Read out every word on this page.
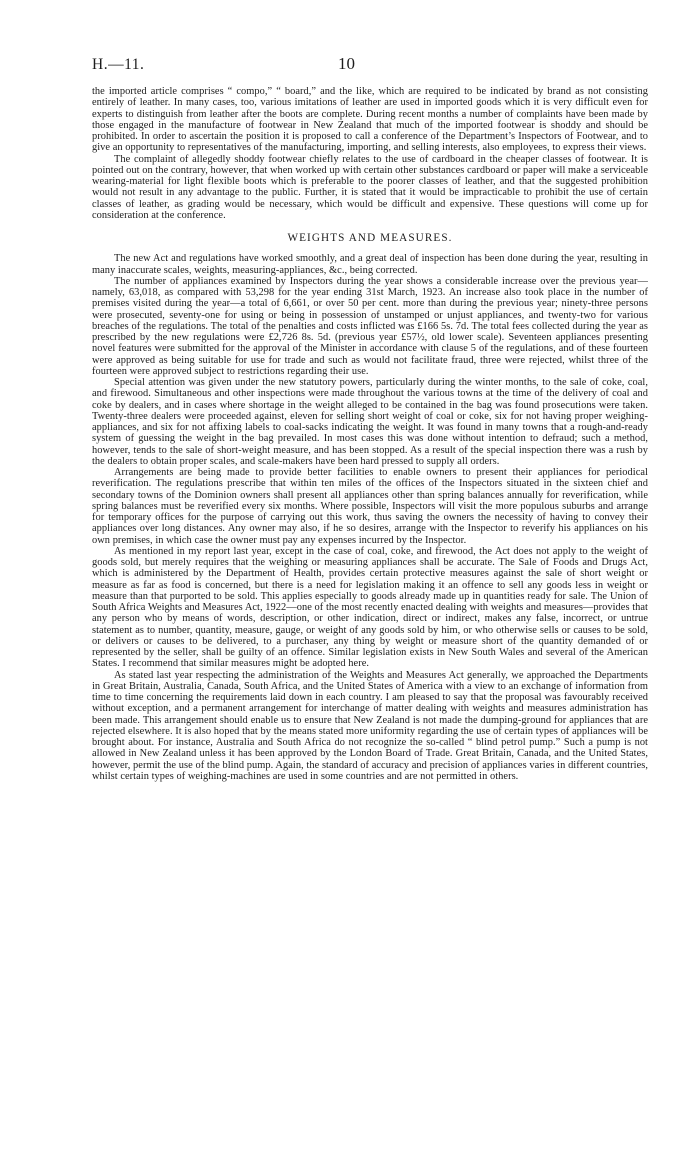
H.—11.	10

the imported article comprises “ compo,” “ board,” and the like, which are required to be indicated by brand as not consisting entirely of leather. In many cases, too, various imitations of leather are used in imported goods which it is very difficult even for experts to distinguish from leather after the boots are complete. During recent months a number of complaints have been made by those engaged in the manufacture of footwear in New Zealand that much of the imported footwear is shoddy and should be prohibited. In order to ascertain the position it is proposed to call a conference of the Department’s Inspectors of Footwear, and to give an opportunity to representatives of the manufacturing, importing, and selling interests, also employees, to express their views.

The complaint of allegedly shoddy footwear chiefly relates to the use of cardboard in the cheaper classes of footwear. It is pointed out on the contrary, however, that when worked up with certain other substances cardboard or paper will make a serviceable wearing-material for light flexible boots which is preferable to the poorer classes of leather, and that the suggested prohibition would not result in any advantage to the public. Further, it is stated that it would be impracticable to prohibit the use of certain classes of leather, as grading would be necessary, which would be difficult and expensive. These questions will come up for consideration at the conference.

WEIGHTS AND MEASURES.

The new Act and regulations have worked smoothly, and a great deal of inspection has been done during the year, resulting in many inaccurate scales, weights, measuring-appliances, &c., being corrected.

The number of appliances examined by Inspectors during the year shows a considerable increase over the previous year—namely, 63,018, as compared with 53,298 for the year ending 31st March, 1923. An increase also took place in the number of premises visited during the year—a total of 6,661, or over 50 per cent. more than during the previous year; ninety-three persons were prosecuted, seventy-one for using or being in possession of unstamped or unjust appliances, and twenty-two for various breaches of the regulations. The total of the penalties and costs inflicted was £166 5s. 7d. The total fees collected during the year as prescribed by the new regulations were £2,726 8s. 5d. (previous year £57½, old lower scale). Seventeen appliances presenting novel features were submitted for the approval of the Minister in accordance with clause 5 of the regulations, and of these fourteen were approved as being suitable for use for trade and such as would not facilitate fraud, three were rejected, whilst three of the fourteen were approved subject to restrictions regarding their use.

Special attention was given under the new statutory powers, particularly during the winter months, to the sale of coke, coal, and firewood. Simultaneous and other inspections were made throughout the various towns at the time of the delivery of coal and coke by dealers, and in cases where shortage in the weight alleged to be contained in the bag was found prosecutions were taken. Twenty-three dealers were proceeded against, eleven for selling short weight of coal or coke, six for not having proper weighing-appliances, and six for not affixing labels to coal-sacks indicating the weight. It was found in many towns that a rough-and-ready system of guessing the weight in the bag prevailed. In most cases this was done without intention to defraud; such a method, however, tends to the sale of short-weight measure, and has been stopped. As a result of the special inspection there was a rush by the dealers to obtain proper scales, and scale-makers have been hard pressed to supply all orders.

Arrangements are being made to provide better facilities to enable owners to present their appliances for periodical reverification. The regulations prescribe that within ten miles of the offices of the Inspectors situated in the sixteen chief and secondary towns of the Dominion owners shall present all appliances other than spring balances annually for reverification, while spring balances must be reverified every six months. Where possible, Inspectors will visit the more populous suburbs and arrange for temporary offices for the purpose of carrying out this work, thus saving the owners the necessity of having to convey their appliances over long distances. Any owner may also, if he so desires, arrange with the Inspector to reverify his appliances on his own premises, in which case the owner must pay any expenses incurred by the Inspector.

As mentioned in my report last year, except in the case of coal, coke, and firewood, the Act does not apply to the weight of goods sold, but merely requires that the weighing or measuring appliances shall be accurate. The Sale of Foods and Drugs Act, which is administered by the Department of Health, provides certain protective measures against the sale of short weight or measure as far as food is concerned, but there is a need for legislation making it an offence to sell any goods less in weight or measure than that purported to be sold. This applies especially to goods already made up in quantities ready for sale. The Union of South Africa Weights and Measures Act, 1922—one of the most recently enacted dealing with weights and measures—provides that any person who by means of words, description, or other indication, direct or indirect, makes any false, incorrect, or untrue statement as to number, quantity, measure, gauge, or weight of any goods sold by him, or who otherwise sells or causes to be sold, or delivers or causes to be delivered, to a purchaser, any thing by weight or measure short of the quantity demanded of or represented by the seller, shall be guilty of an offence. Similar legislation exists in New South Wales and several of the American States. I recommend that similar measures might be adopted here.

As stated last year respecting the administration of the Weights and Measures Act generally, we approached the Departments in Great Britain, Australia, Canada, South Africa, and the United States of America with a view to an exchange of information from time to time concerning the requirements laid down in each country. I am pleased to say that the proposal was favourably received without exception, and a permanent arrangement for interchange of matter dealing with weights and measures administration has been made. This arrangement should enable us to ensure that New Zealand is not made the dumping-ground for appliances that are rejected elsewhere. It is also hoped that by the means stated more uniformity regarding the use of certain types of appliances will be brought about. For instance, Australia and South Africa do not recognize the so-called “ blind petrol pump.” Such a pump is not allowed in New Zealand unless it has been approved by the London Board of Trade. Great Britain, Canada, and the United States, however, permit the use of the blind pump. Again, the standard of accuracy and precision of appliances varies in different countries, whilst certain types of weighing-machines are used in some countries and are not permitted in others.
